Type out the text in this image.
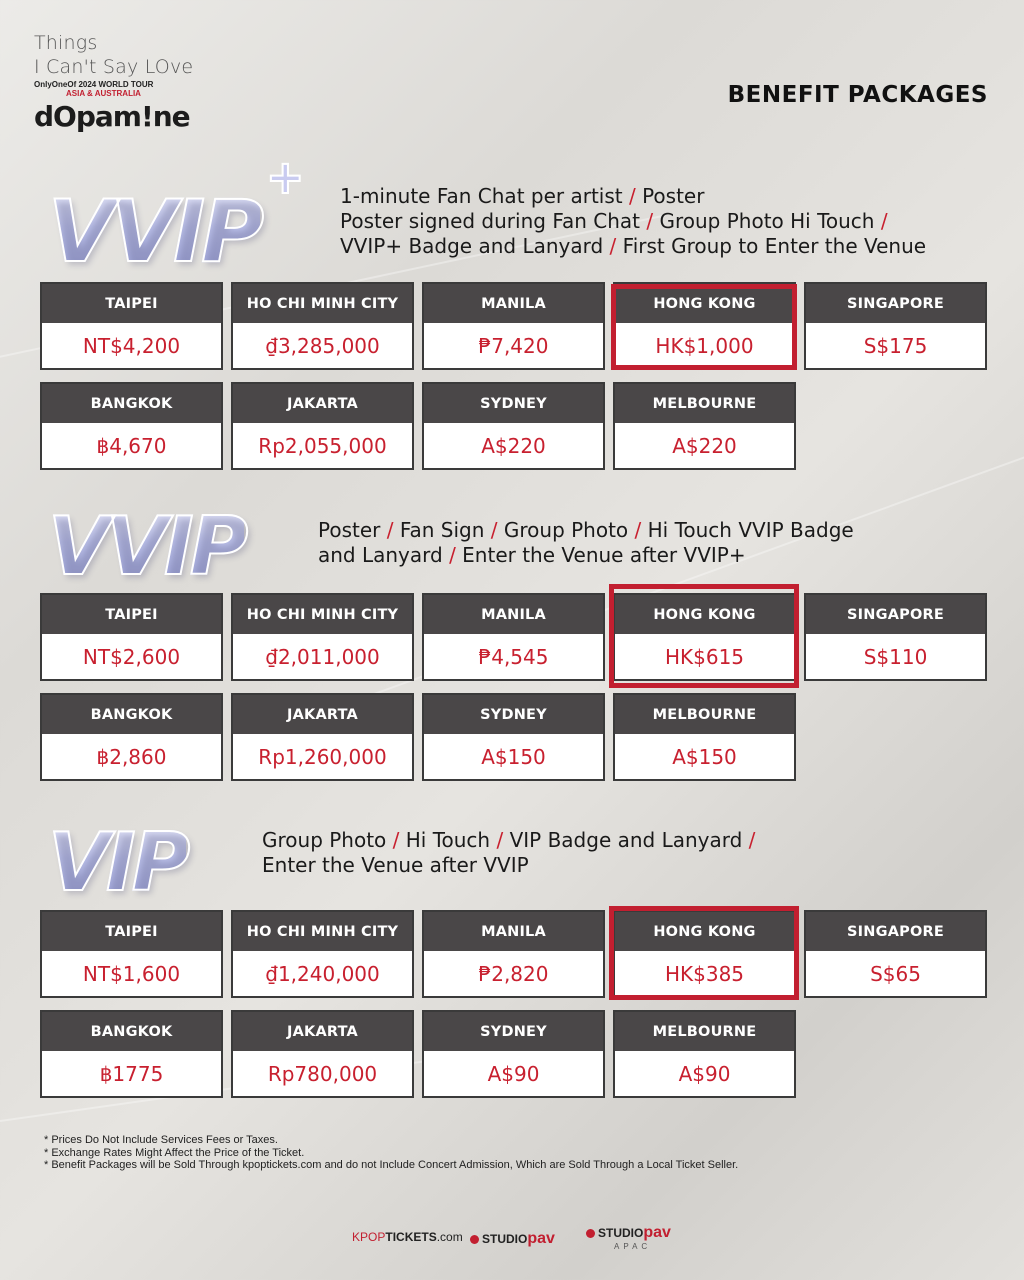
Things
I Can't Say LOve
OnlyOneOf 2024 WORLD TOUR
ASIA & AUSTRALIA
dOpam!ne
BENEFIT PACKAGES
VVIP
+ 1-minute Fan Chat per artist / Poster
Poster signed during Fan Chat / Group Photo Hi Touch /
VVIP+ Badge and Lanyard / First Group to Enter the Venue
TAIPEI
NT$4,200
HO CHI MINH CITY
₫3,285,000
MANILA
₱7,420
HONG KONG
HK$1,000
SINGAPORE
S$175
BANGKOK
฿4,670
JAKARTA
Rp2,055,000
SYDNEY
A$220
MELBOURNE
A$220
VVIP	Poster / Fan Sign / Group Photo / Hi Touch VVIP Badge
and Lanyard / Enter the Venue after VVIP+
TAIPEI
NT$2,600
HO CHI MINH CITY
₫2,011,000
MANILA
₱4,545
HONG KONG
HK$615
SINGAPORE
S$110
BANGKOK
฿2,860
JAKARTA
Rp1,260,000
SYDNEY
A$150
MELBOURNE
A$150
VIP	Group Photo / Hi Touch / VIP Badge and Lanyard /
Enter the Venue after VVIP
TAIPEI
NT$1,600
HO CHI MINH CITY
₫1,240,000
MANILA
₱2,820
HONG KONG
HK$385
SINGAPORE
S$65
BANGKOK
฿1775
JAKARTA
Rp780,000
SYDNEY
A$90
MELBOURNE
A$90
* Prices Do Not Include Services Fees or Taxes.
* Exchange Rates Might Affect the Price of the Ticket.
* Benefit Packages will be Sold Through kpoptickets.com and do not Include Concert Admission, Which are Sold Through a Local Ticket Seller.
KPOP TICKETS .com STUDIO pav	STUDIO pav
APAC
